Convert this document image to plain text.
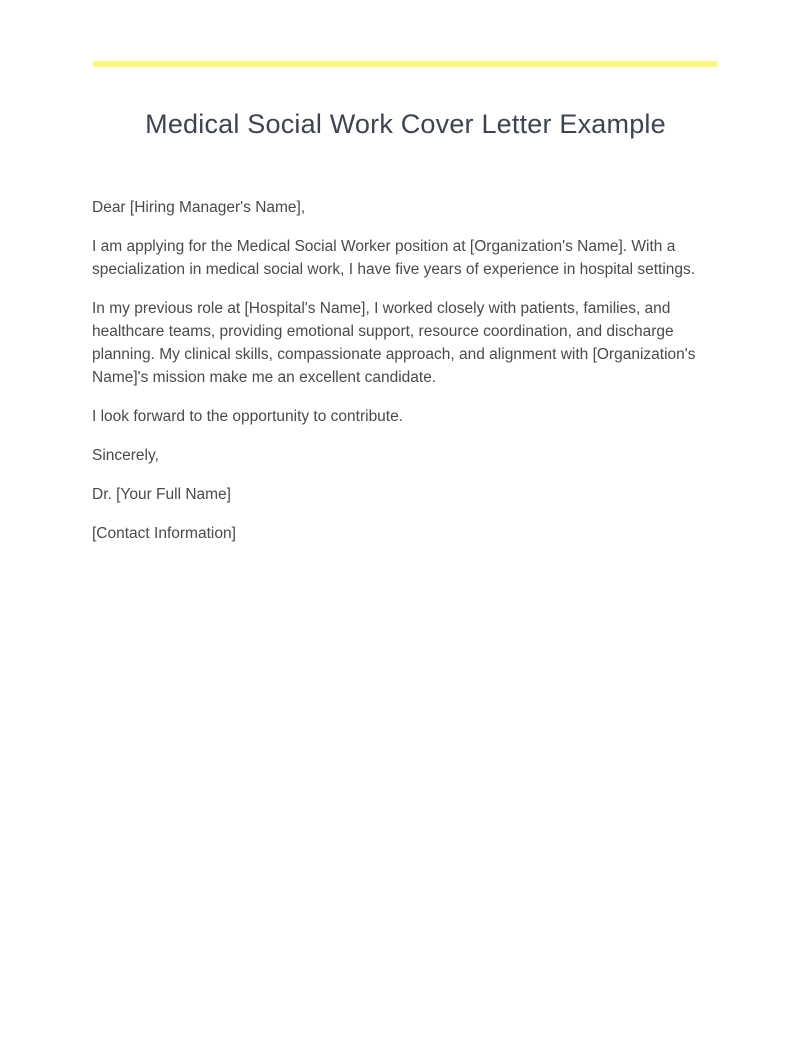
Medical Social Work Cover Letter Example

Dear [Hiring Manager's Name],

I am applying for the Medical Social Worker position at [Organization's Name]. With a specialization in medical social work, I have five years of experience in hospital settings.

In my previous role at [Hospital's Name], I worked closely with patients, families, and healthcare teams, providing emotional support, resource coordination, and discharge planning. My clinical skills, compassionate approach, and alignment with [Organization's Name]'s mission make me an excellent candidate.

I look forward to the opportunity to contribute.

Sincerely,

Dr. [Your Full Name]

[Contact Information]
